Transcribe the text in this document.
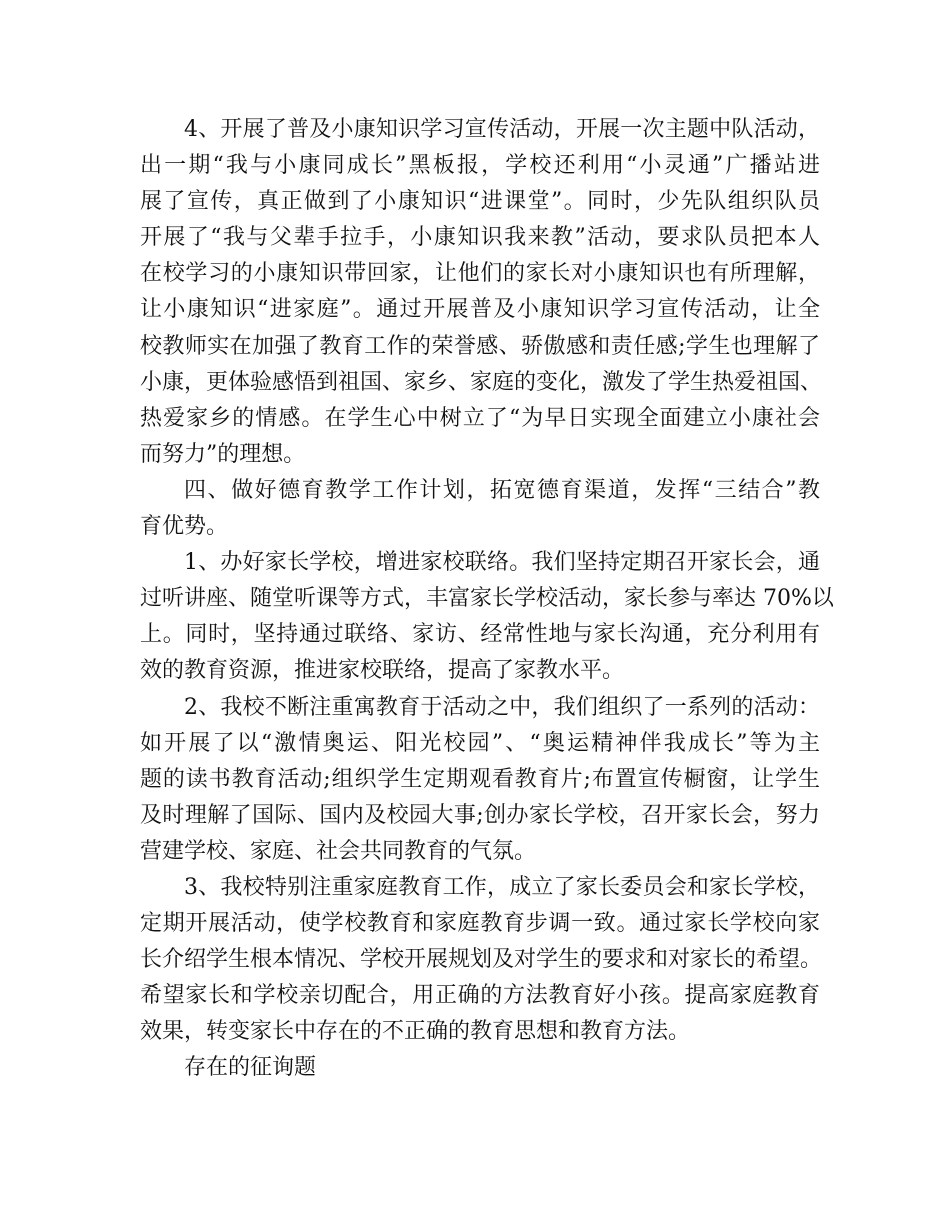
4、开展了普及小康知识学习宣传活动，开展一次主题中队活动，
出一期“我与小康同成长”黑板报，学校还利用“小灵通”广播站进
展了宣传，真正做到了小康知识“进课堂”。同时，少先队组织队员
开展了“我与父辈手拉手，小康知识我来教”活动，要求队员把本人
在校学习的小康知识带回家，让他们的家长对小康知识也有所理解，
让小康知识“进家庭”。通过开展普及小康知识学习宣传活动，让全
校教师实在加强了教育工作的荣誉感、骄傲感和责任感;学生也理解了
小康，更体验感悟到祖国、家乡、家庭的变化，激发了学生热爱祖国、
热爱家乡的情感。在学生心中树立了“为早日实现全面建立小康社会
而努力”的理想。
四、做好德育教学工作计划，拓宽德育渠道，发挥“三结合”教
育优势。
1、办好家长学校，增进家校联络。我们坚持定期召开家长会，通
过听讲座、随堂听课等方式，丰富家长学校活动，家长参与率达 70%以
上。同时，坚持通过联络、家访、经常性地与家长沟通，充分利用有
效的教育资源，推进家校联络，提高了家教水平。
2、我校不断注重寓教育于活动之中，我们组织了一系列的活动：
如开展了以“激情奥运、阳光校园”、“奥运精神伴我成长”等为主
题的读书教育活动;组织学生定期观看教育片;布置宣传橱窗，让学生
及时理解了国际、国内及校园大事;创办家长学校，召开家长会，努力
营建学校、家庭、社会共同教育的气氛。
3、我校特别注重家庭教育工作，成立了家长委员会和家长学校，
定期开展活动，使学校教育和家庭教育步调一致。通过家长学校向家
长介绍学生根本情况、学校开展规划及对学生的要求和对家长的希望。
希望家长和学校亲切配合，用正确的方法教育好小孩。提高家庭教育
效果，转变家长中存在的不正确的教育思想和教育方法。
存在的征询题
